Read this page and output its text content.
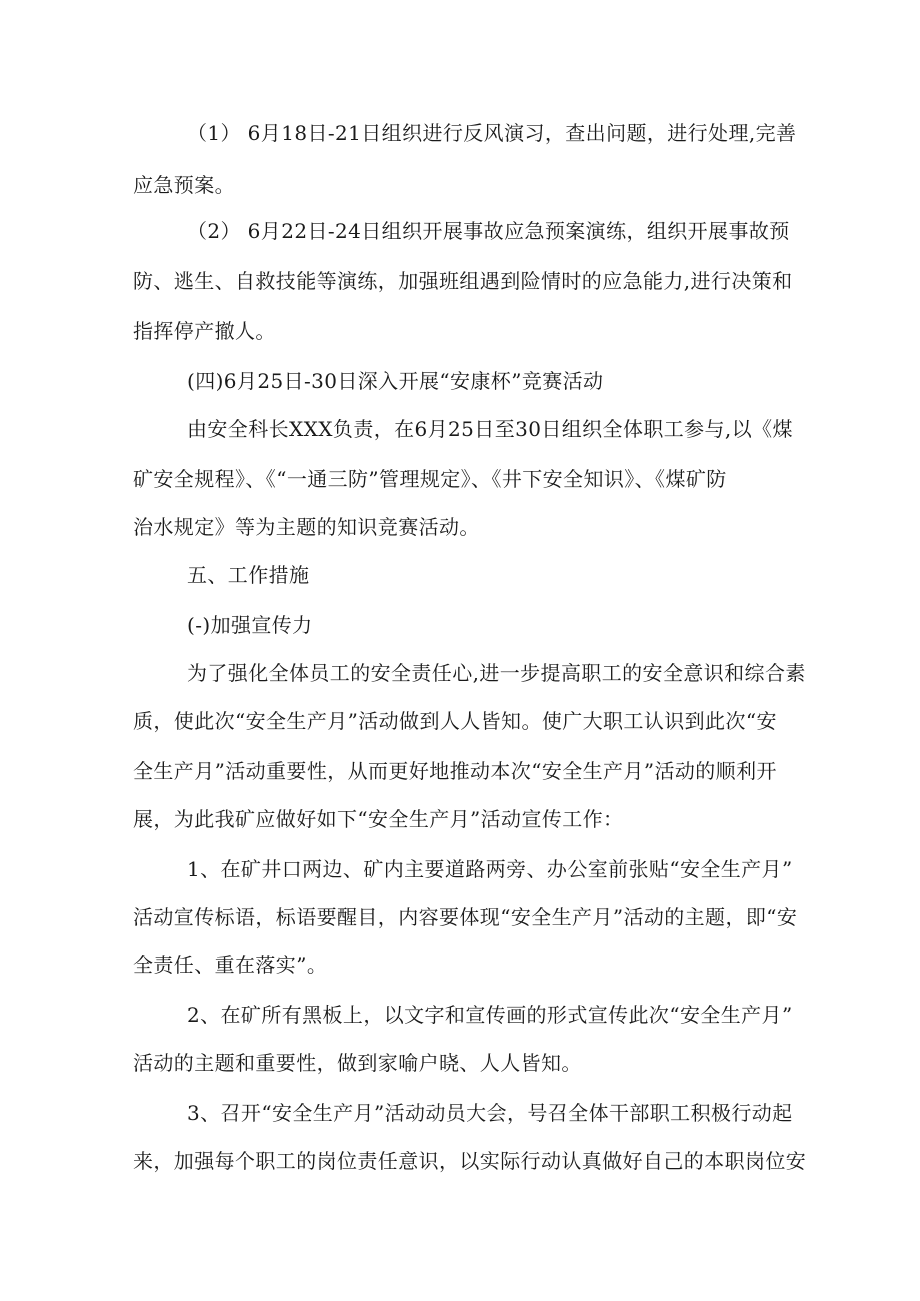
（1） 6月18日-21日组织进行反风演习，查出问题，进行处理,完善
应急预案。
（2） 6月22日-24日组织开展事故应急预案演练，组织开展事故预
防、逃生、自救技能等演练，加强班组遇到险情时的应急能力,进行决策和
指挥停产撤人。
(四)6月25日-30日深入开展“安康杯”竞赛活动
由安全科长XXX负责，在6月25日至30日组织全体职工参与,以《煤
矿安全规程》、《“一通三防”管理规定》、《井下安全知识》、《煤矿防
治水规定》等为主题的知识竞赛活动。
五、工作措施
(-)加强宣传力
为了强化全体员工的安全责任心,进一步提高职工的安全意识和综合素
质，使此次“安全生产月”活动做到人人皆知。使广大职工认识到此次“安
全生产月”活动重要性，从而更好地推动本次“安全生产月”活动的顺利开
展，为此我矿应做好如下“安全生产月”活动宣传工作：
1、在矿井口两边、矿内主要道路两旁、办公室前张贴“安全生产月”
活动宣传标语，标语要醒目，内容要体现“安全生产月”活动的主题，即“安
全责任、重在落实”。
2、在矿所有黑板上，以文字和宣传画的形式宣传此次“安全生产月”
活动的主题和重要性，做到家喻户晓、人人皆知。
3、召开“安全生产月”活动动员大会，号召全体干部职工积极行动起
来，加强每个职工的岗位责任意识，以实际行动认真做好自己的本职岗位安
